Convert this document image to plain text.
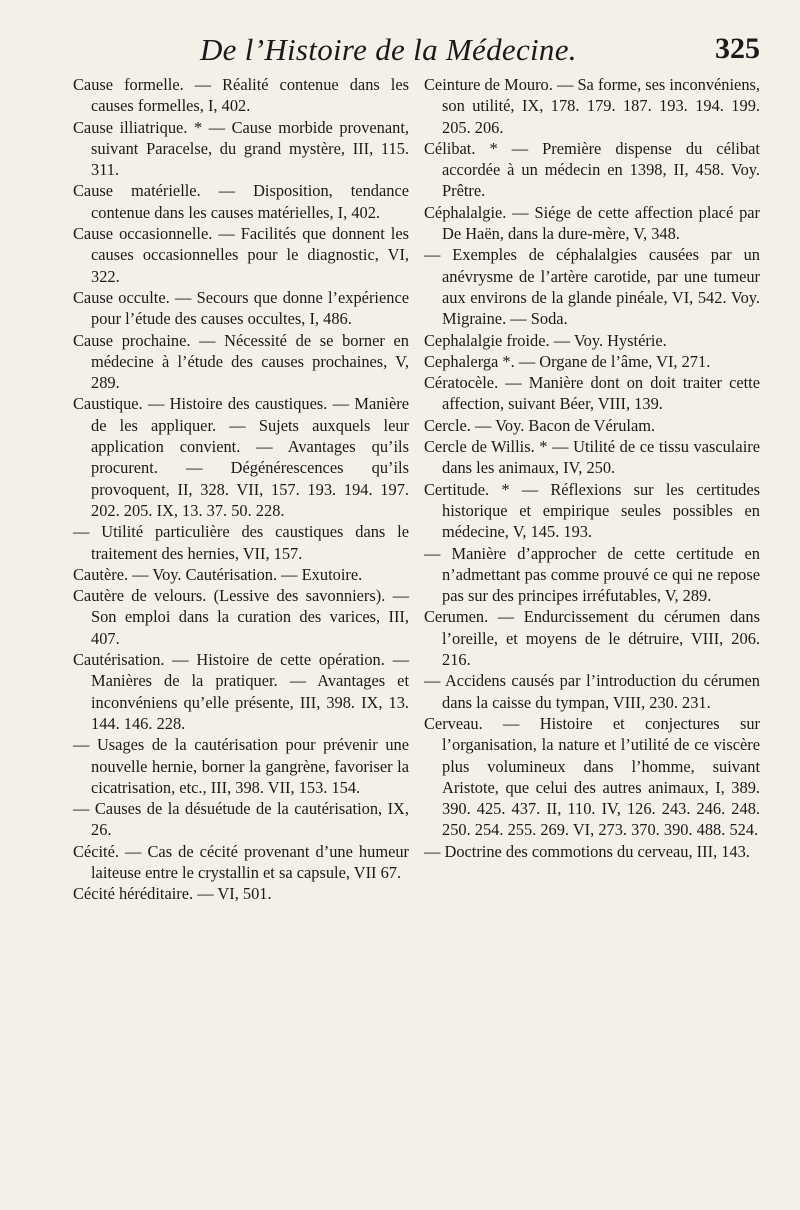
De l’Histoire de la Médecine.	325

Cause formelle. — Réalité contenue dans les causes formelles, I, 402.

Cause illiatrique. * — Cause morbide provenant, suivant Paracelse, du grand mystère, III, 115. 311.

Cause matérielle. — Disposition, tendance contenue dans les causes matérielles, I, 402.

Cause occasionnelle. — Facilités que donnent les causes occasionnelles pour le diagnostic, VI, 322.

Cause occulte. — Secours que donne l’expérience pour l’étude des causes occultes, I, 486.

Cause prochaine. — Nécessité de se borner en médecine à l’étude des causes prochaines, V, 289.

Caustique. — Histoire des caustiques. — Manière de les appliquer. — Sujets auxquels leur application convient. — Avantages qu’ils procurent. — Dégénérescences qu’ils provoquent, II, 328. VII, 157. 193. 194. 197. 202. 205. IX, 13. 37. 50. 228.

— Utilité particulière des caustiques dans le traitement des hernies, VII, 157.

Cautère. — Voy. Cautérisation. — Exutoire.

Cautère de velours. (Lessive des savonniers). — Son emploi dans la curation des varices, III, 407.

Cautérisation. — Histoire de cette opération. — Manières de la pratiquer. — Avantages et inconvéniens qu’elle présente, III, 398. IX, 13. 144. 146. 228.

— Usages de la cautérisation pour prévenir une nouvelle hernie, borner la gangrène, favoriser la cicatrisation, etc., III, 398. VII, 153. 154.

— Causes de la désuétude de la cautérisation, IX, 26.

Cécité. — Cas de cécité provenant d’une humeur laiteuse entre le crystallin et sa capsule, VII 67.

Cécité héréditaire. — VI, 501.

Ceinture de Mouro. — Sa forme, ses inconvéniens, son utilité, IX, 178. 179. 187. 193. 194. 199. 205. 206.

Célibat. * — Première dispense du célibat accordée à un médecin en 1398, II, 458. Voy. Prêtre.

Céphalalgie. — Siége de cette affection placé par De Haën, dans la dure-mère, V, 348.

— Exemples de céphalalgies causées par un anévrysme de l’artère carotide, par une tumeur aux environs de la glande pinéale, VI, 542. Voy. Migraine. — Soda.

Cephalalgie froide. — Voy. Hystérie.

Cephalerga *. — Organe de l’âme, VI, 271.

Cératocèle. — Manière dont on doit traiter cette affection, suivant Béer, VIII, 139.

Cercle. — Voy. Bacon de Vérulam.

Cercle de Willis. * — Utilité de ce tissu vasculaire dans les animaux, IV, 250.

Certitude. * — Réflexions sur les certitudes historique et empirique seules possibles en médecine, V, 145. 193.

— Manière d’approcher de cette certitude en n’admettant pas comme prouvé ce qui ne repose pas sur des principes irréfutables, V, 289.

Cerumen. — Endurcissement du cérumen dans l’oreille, et moyens de le détruire, VIII, 206. 216.

— Accidens causés par l’introduction du cérumen dans la caisse du tympan, VIII, 230. 231.

Cerveau. — Histoire et conjectures sur l’organisation, la nature et l’utilité de ce viscère plus volumineux dans l’homme, suivant Aristote, que celui des autres animaux, I, 389. 390. 425. 437. II, 110. IV, 126. 243. 246. 248. 250. 254. 255. 269. VI, 273. 370. 390. 488. 524.

— Doctrine des commotions du cerveau, III, 143.
